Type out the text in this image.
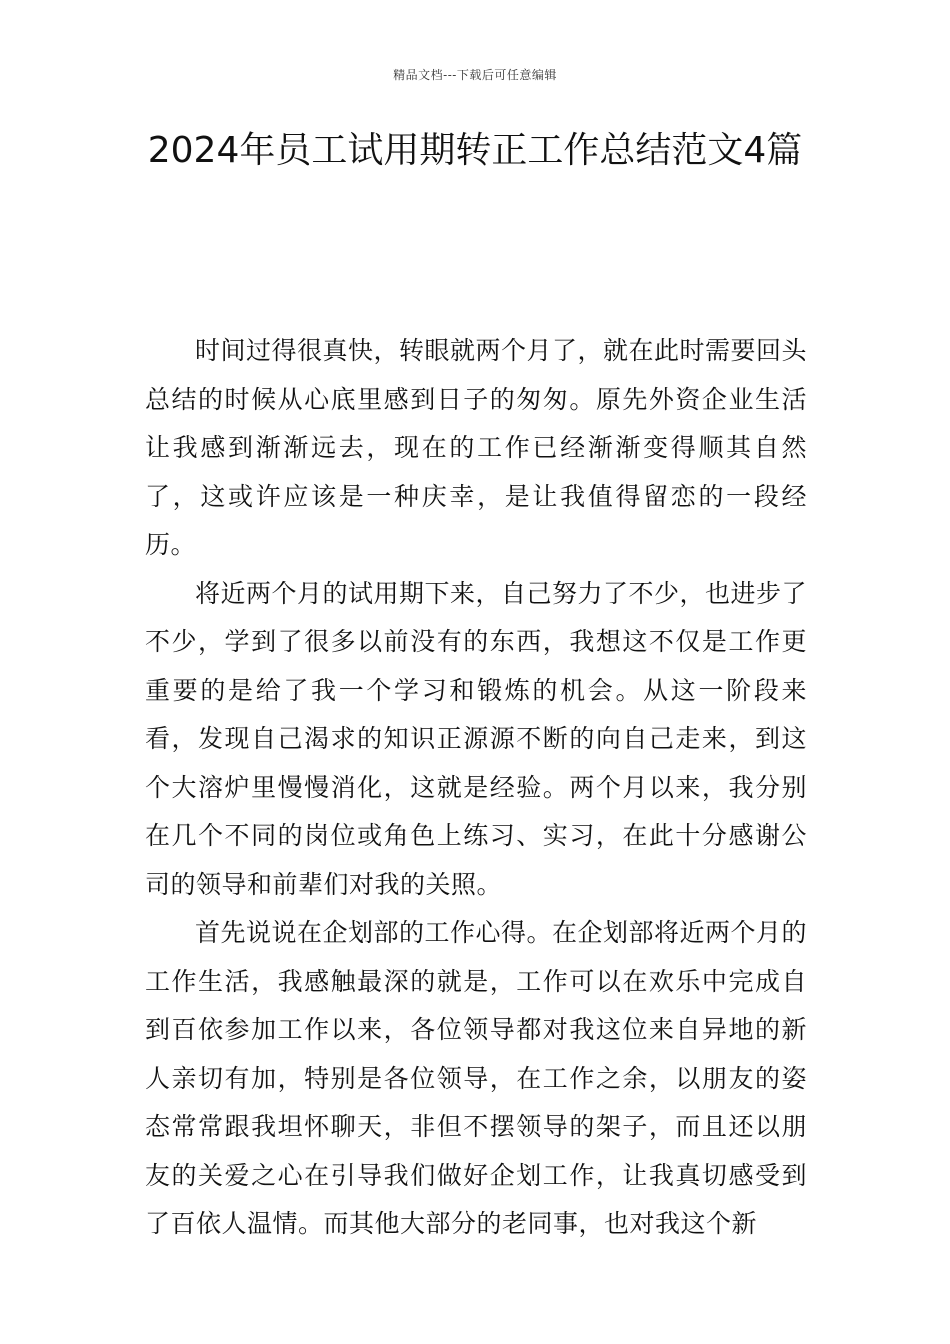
精品文档---下载后可任意编辑
2024年员工试用期转正工作总结范文4篇

时间过得很真快，转眼就两个月了，就在此时需要回头总结的时候从心底里感到日子的匆匆。原先外资企业生活让我感到渐渐远去，现在的工作已经渐渐变得顺其自然了，这或许应该是一种庆幸，是让我值得留恋的一段经历。

将近两个月的试用期下来，自己努力了不少，也进步了不少，学到了很多以前没有的东西，我想这不仅是工作更重要的是给了我一个学习和锻炼的机会。从这一阶段来看，发现自己渴求的知识正源源不断的向自己走来，到这个大溶炉里慢慢消化，这就是经验。两个月以来，我分别在几个不同的岗位或角色上练习、实习，在此十分感谢公司的领导和前辈们对我的关照。

首先说说在企划部的工作心得。在企划部将近两个月的工作生活，我感触最深的就是，工作可以在欢乐中完成自到百依参加工作以来，各位领导都对我这位来自异地的新人亲切有加，特别是各位领导，在工作之余，以朋友的姿态常常跟我坦怀聊天，非但不摆领导的架子，而且还以朋友的关爱之心在引导我们做好企划工作，让我真切感受到了百依人温情。而其他大部分的老同事，也对我这个新
